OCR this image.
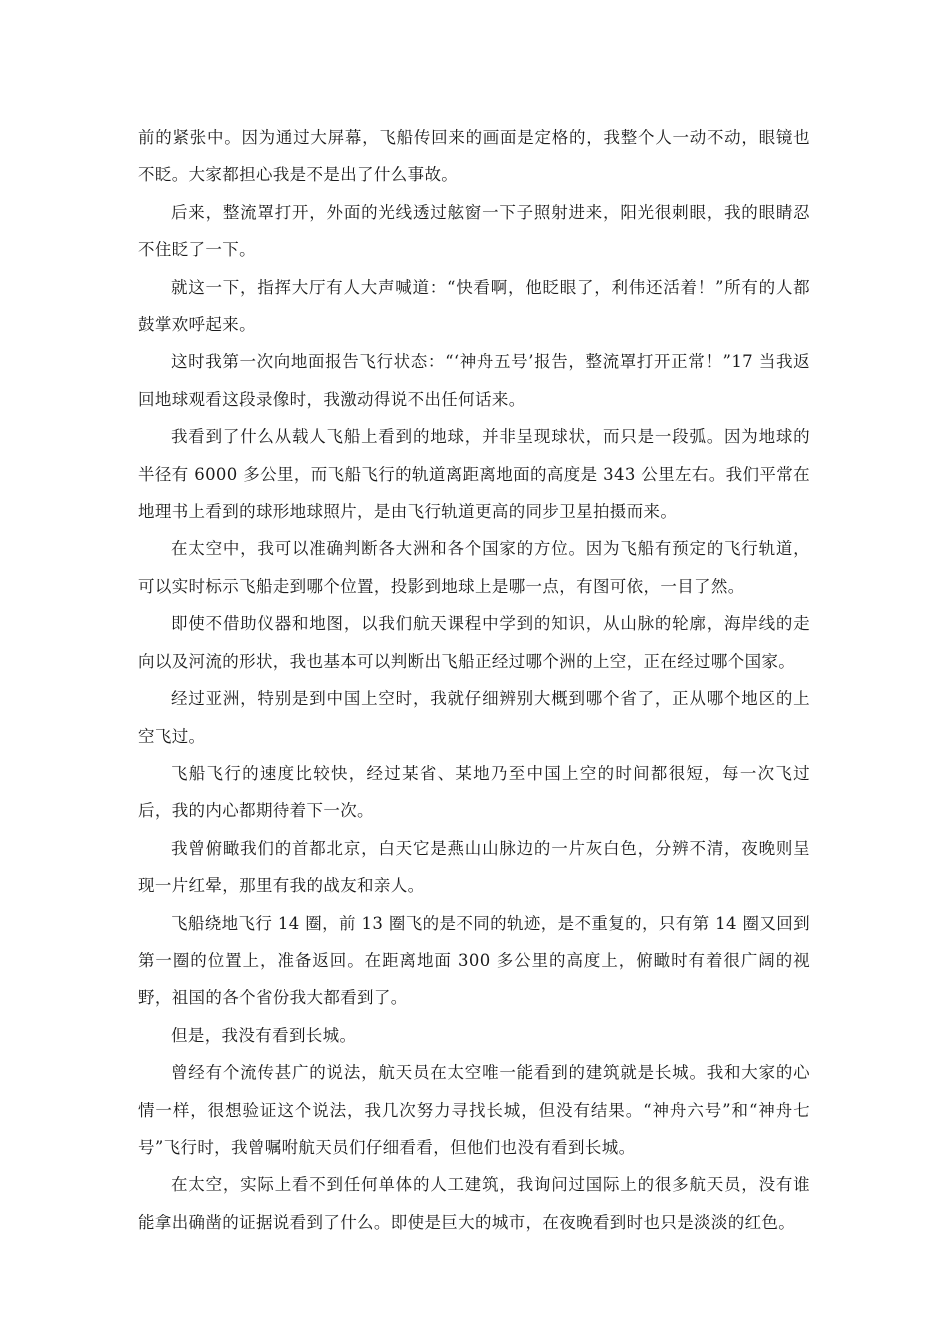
前的紧张中。因为通过大屏幕，飞船传回来的画面是定格的，我整个人一动不动，眼镜也不眨。大家都担心我是不是出了什么事故。

后来，整流罩打开，外面的光线透过舷窗一下子照射进来，阳光很刺眼，我的眼睛忍不住眨了一下。

就这一下，指挥大厅有人大声喊道：“快看啊，他眨眼了，利伟还活着！”所有的人都鼓掌欢呼起来。

这时我第一次向地面报告飞行状态：“‘神舟五号’报告，整流罩打开正常！”17 当我返回地球观看这段录像时，我激动得说不出任何话来。

我看到了什么从载人飞船上看到的地球，并非呈现球状，而只是一段弧。因为地球的半径有 6000 多公里，而飞船飞行的轨道离距离地面的高度是 343 公里左右。我们平常在地理书上看到的球形地球照片，是由飞行轨道更高的同步卫星拍摄而来。

在太空中，我可以准确判断各大洲和各个国家的方位。因为飞船有预定的飞行轨道，可以实时标示飞船走到哪个位置，投影到地球上是哪一点，有图可依，一目了然。

即使不借助仪器和地图，以我们航天课程中学到的知识，从山脉的轮廓，海岸线的走向以及河流的形状，我也基本可以判断出飞船正经过哪个洲的上空，正在经过哪个国家。

经过亚洲，特别是到中国上空时，我就仔细辨别大概到哪个省了，正从哪个地区的上空飞过。

飞船飞行的速度比较快，经过某省、某地乃至中国上空的时间都很短，每一次飞过后，我的内心都期待着下一次。

我曾俯瞰我们的首都北京，白天它是燕山山脉边的一片灰白色，分辨不清，夜晚则呈现一片红晕，那里有我的战友和亲人。

飞船绕地飞行 14 圈，前 13 圈飞的是不同的轨迹，是不重复的，只有第 14 圈又回到第一圈的位置上，准备返回。在距离地面 300 多公里的高度上，俯瞰时有着很广阔的视野，祖国的各个省份我大都看到了。

但是，我没有看到长城。

曾经有个流传甚广的说法，航天员在太空唯一能看到的建筑就是长城。我和大家的心情一样，很想验证这个说法，我几次努力寻找长城，但没有结果。“神舟六号”和“神舟七号”飞行时，我曾嘱咐航天员们仔细看看，但他们也没有看到长城。

在太空，实际上看不到任何单体的人工建筑，我询问过国际上的很多航天员，没有谁能拿出确凿的证据说看到了什么。即使是巨大的城市，在夜晚看到时也只是淡淡的红色。
